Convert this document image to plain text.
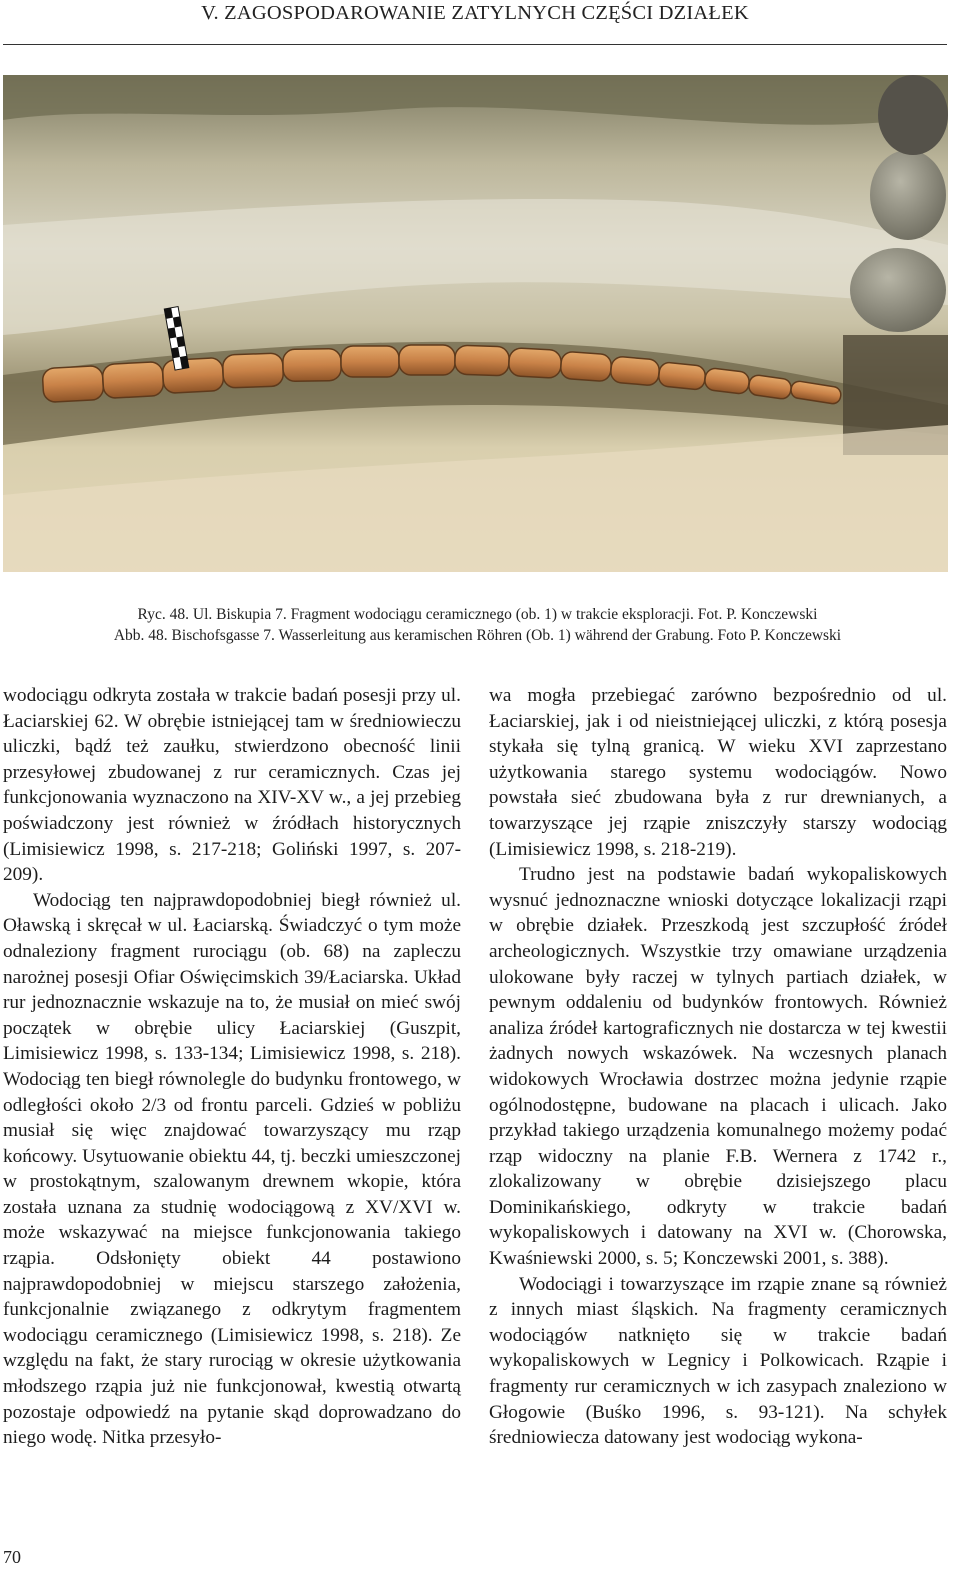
V. ZAGOSPODAROWANIE ZATYLNYCH CZĘŚCI DZIAŁEK
Ryc. 48. Ul. Biskupia 7. Fragment wodociągu ceramicznego (ob. 1) w trakcie eksploracji. Fot. P. Konczewski
Abb. 48. Bischofsgasse 7. Wasserleitung aus keramischen Röhren (Ob. 1) während der Grabung. Foto P. Konczewski

wodociągu odkryta została w trakcie badań posesji przy ul. Łaciarskiej 62. W obrębie istniejącej tam w średniowieczu uliczki, bądź też zaułku, stwierdzono obecność linii przesyłowej zbudowanej z rur ceramicznych. Czas jej funkcjonowania wyznaczono na XIV-XV w., a jej przebieg poświadczony jest również w źródłach historycznych (Limisiewicz 1998, s. 217-218; Goliński 1997, s. 207-209).

Wodociąg ten najprawdopodobniej biegł również ul. Oławską i skręcał w ul. Łaciarską. Świadczyć o tym może odnaleziony fragment rurociągu (ob. 68) na zapleczu narożnej posesji Ofiar Oświęcimskich 39/Łaciarska. Układ rur jednoznacznie wskazuje na to, że musiał on mieć swój początek w obrębie ulicy Łaciarskiej (Guszpit, Limisiewicz 1998, s. 133-134; Limisiewicz 1998, s. 218). Wodociąg ten biegł równolegle do budynku frontowego, w odległości około 2/3 od frontu parceli. Gdzieś w pobliżu musiał się więc znajdować towarzyszący mu rząp końcowy. Usytuowanie obiektu 44, tj. beczki umieszczonej w prostokątnym, szalowanym drewnem wkopie, która została uznana za studnię wodociągową z XV/XVI w. może wskazywać na miejsce funkcjonowania takiego rząpia. Odsłonięty obiekt 44 postawiono najprawdopodobniej w miejscu starszego założenia, funkcjonalnie związanego z odkrytym fragmentem wodociągu ceramicznego (Limisiewicz 1998, s. 218). Ze względu na fakt, że stary rurociąg w okresie użytkowania młodszego rząpia już nie funkcjonował, kwestią otwartą pozostaje odpowiedź na pytanie skąd doprowadzano do niego wodę. Nitka przesyło-

wa mogła przebiegać zarówno bezpośrednio od ul. Łaciarskiej, jak i od nieistniejącej uliczki, z którą posesja stykała się tylną granicą. W wieku XVI zaprzestano użytkowania starego systemu wodociągów. Nowo powstała sieć zbudowana była z rur drewnianych, a towarzyszące jej rząpie zniszczyły starszy wodociąg (Limisiewicz 1998, s. 218-219).

Trudno jest na podstawie badań wykopaliskowych wysnuć jednoznaczne wnioski dotyczące lokalizacji rząpi w obrębie działek. Przeszkodą jest szczupłość źródeł archeologicznych. Wszystkie trzy omawiane urządzenia ulokowane były raczej w tylnych partiach działek, w pewnym oddaleniu od budynków frontowych. Również analiza źródeł kartograficznych nie dostarcza w tej kwestii żadnych nowych wskazówek. Na wczesnych planach widokowych Wrocławia dostrzec można jedynie rząpie ogólnodostępne, budowane na placach i ulicach. Jako przykład takiego urządzenia komunalnego możemy podać rząp widoczny na planie F.B. Wernera z 1742 r., zlokalizowany w obrębie dzisiejszego placu Dominikańskiego, odkryty w trakcie badań wykopaliskowych i datowany na XVI w. (Chorowska, Kwaśniewski 2000, s. 5; Konczewski 2001, s. 388).

Wodociągi i towarzyszące im rząpie znane są również z innych miast śląskich. Na fragmenty ceramicznych wodociągów natknięto się w trakcie badań wykopaliskowych w Legnicy i Polkowicach. Rząpie i fragmenty rur ceramicznych w ich zasypach znaleziono w Głogowie (Buśko 1996, s. 93-121). Na schyłek średniowiecza datowany jest wodociąg wykona-

70
